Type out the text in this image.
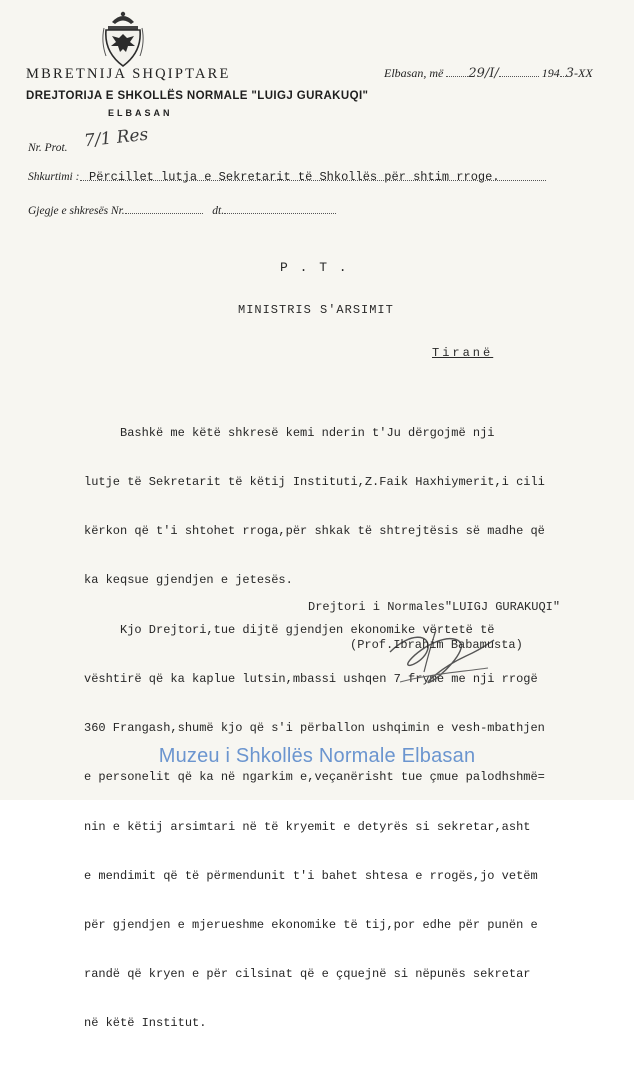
MBRETNIJA SHQIPTARE
DREJTORIJA E SHKOLLËS NORMALE "LUIGJ GURAKUQI"
ELBASAN
Elbasan, më 29/I/	194 3-XX
Nr. Prot. 7/1 Res
Shkurtimi : Përcillet lutja e Sekretarit të Shkollës për shtim rroge.
Gjegje e shkresës Nr.	dt.
P . T .
MINISTRIS S'ARSIMIT
Tiranë

Bashkë me këtë shkresë kemi nderin t'Ju dërgojmë nji

lutje të Sekretarit të këtij Instituti,Z.Faik Haxhiymerit,i cili

kërkon që t'i shtohet rroga,për shkak të shtrejtësis së madhe që

ka keqsue gjendjen e jetesës.

Kjo Drejtori,tue dijtë gjendjen ekonomike vërtetë të

vështirë që ka kaplue lutsin,mbassi ushqen 7 frymë me nji rrogë

360 Frangash,shumë kjo që s'i përballon ushqimin e vesh-mbathjen

e personelit që ka në ngarkim e,veçanërisht tue çmue palodhshmë=

nin e këtij arsimtari në të kryemit e detyrës si sekretar,asht

e mendimit që të përmendunit t'i bahet shtesa e rrogës,jo vetëm

për gjendjen e mjerueshme ekonomike të tij,por edhe për punën e

randë që kryen e për cilsinat që e çquejnë si nëpunës sekretar

në këtë Institut.

Drejtori i Normales"LUIGJ GURAKUQI"
(Prof.Ibrahim Babamusta)
Muzeu i Shkollës Normale Elbasan
